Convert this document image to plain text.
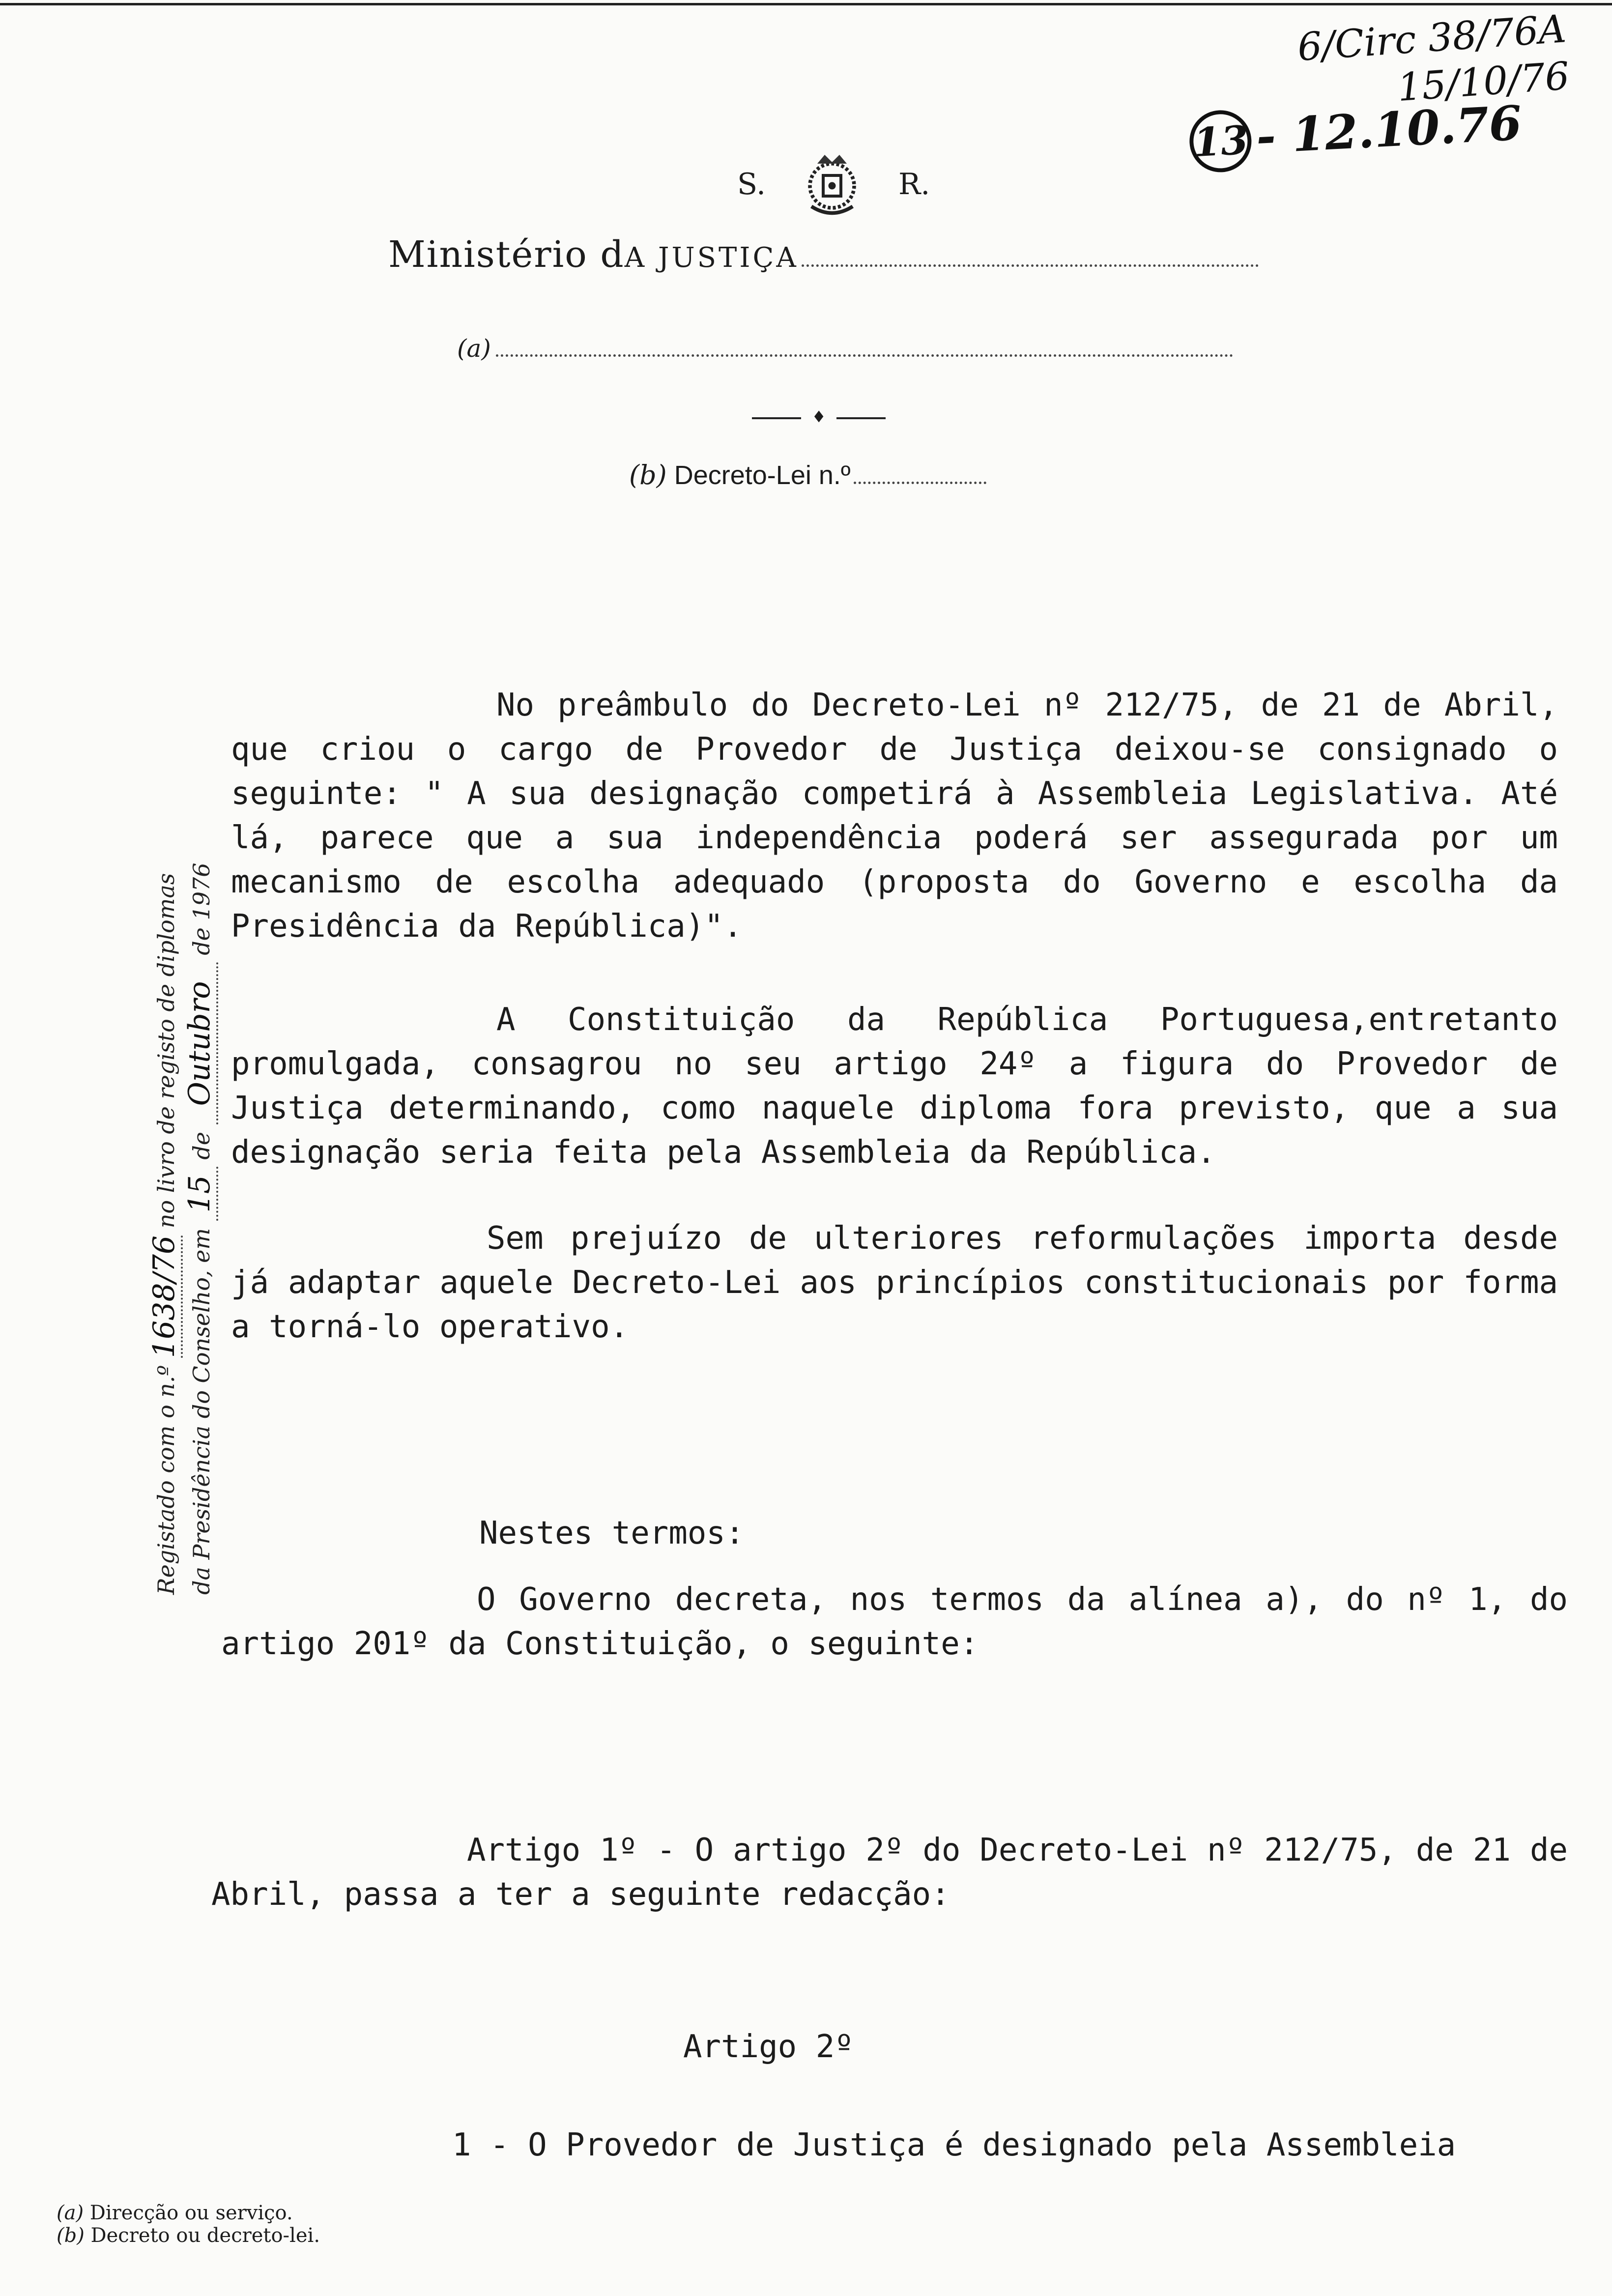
6/Circ 38/76A
15/10/76
13 - 12.10.76
S.	R.
Ministério dA JUSTIÇA
(a)
♦
(b) Decreto-Lei n.º
Registado com o n.º 1638/76 no livro de registo de diplomas
da Presidência do Conselho, em 15 de Outubro de 1976
No preâmbulo do Decreto-Lei nº 212/75, de 21 de Abril, que criou o cargo de Provedor de Justiça deixou-se consignado o seguinte: " A sua designação competirá à Assembleia Legislativa. Até lá, parece que a sua independência poderá ser assegurada por um mecanismo de escolha adequado (proposta do Governo e escolha da Presidência da República)".
A Constituição da República Portuguesa,entretanto promulgada, consagrou no seu artigo 24º a figura do Provedor de Justiça determinando, como naquele diploma fora previsto, que a sua designação seria feita pela Assembleia da República.
Sem prejuízo de ulteriores reformulações importa desde já adaptar aquele Decreto-Lei aos princípios constitucionais por forma a torná-lo operativo.
Nestes termos:
O Governo decreta, nos termos da alínea a), do nº 1, do artigo 201º da Constituição, o seguinte:
Artigo 1º - O artigo 2º do Decreto-Lei nº 212/75, de 21 de Abril, passa a ter a seguinte redacção:
Artigo 2º
1 - O Provedor de Justiça é designado pela Assembleia
(a) Direcção ou serviço.
(b) Decreto ou decreto-lei.
